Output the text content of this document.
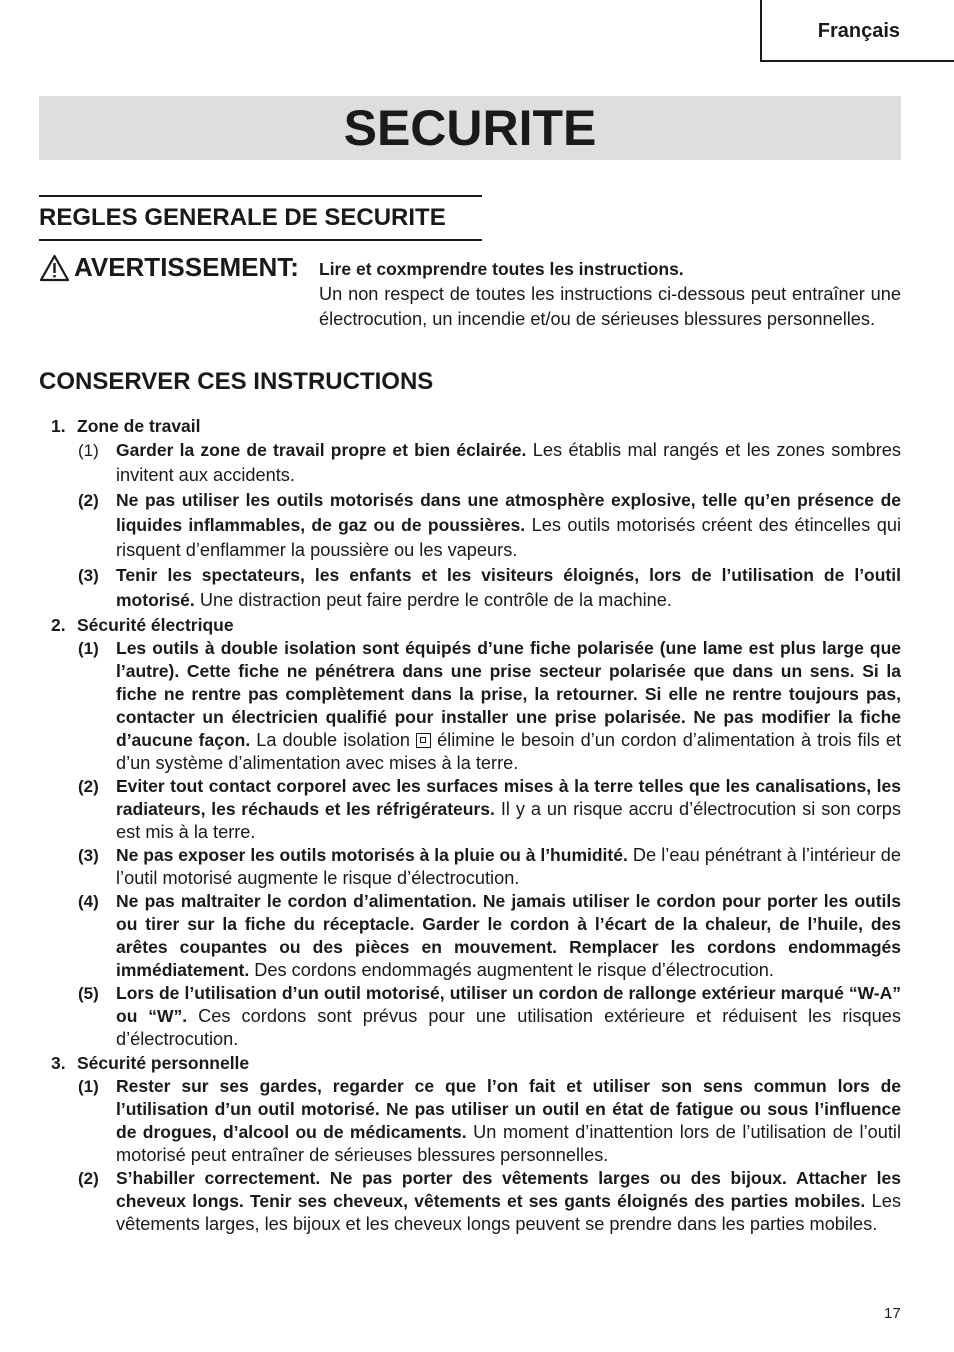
Français
SECURITE
REGLES GENERALE DE SECURITE
AVERTISSEMENT: Lire et coxmprendre toutes les instructions.
Un non respect de toutes les instructions ci-dessous peut entraîner une électrocution, un incendie et/ou de sérieuses blessures personnelles.
CONSERVER CES INSTRUCTIONS
1. Zone de travail
(1) Garder la zone de travail propre et bien éclairée. Les établis mal rangés et les zones sombres invitent aux accidents.
(2) Ne pas utiliser les outils motorisés dans une atmosphère explosive, telle qu’en présence de liquides inflammables, de gaz ou de poussières. Les outils motorisés créent des étincelles qui risquent d’enflammer la poussière ou les vapeurs.
(3) Tenir les spectateurs, les enfants et les visiteurs éloignés, lors de l’utilisation de l’outil motorisé. Une distraction peut faire perdre le contrôle de la machine.
2. Sécurité électrique
(1) Les outils à double isolation sont équipés d’une fiche polarisée (une lame est plus large que l’autre). Cette fiche ne pénétrera dans une prise secteur polarisée que dans un sens. Si la fiche ne rentre pas complètement dans la prise, la retourner. Si elle ne rentre toujours pas, contacter un électricien qualifié pour installer une prise polarisée. Ne pas modifier la fiche d’aucune façon. La double isolation  élimine le besoin d’un cordon d’alimentation à trois fils et d’un système d’alimentation avec mises à la terre.
(2) Eviter tout contact corporel avec les surfaces mises à la terre telles que les canalisations, les radiateurs, les réchauds et les réfrigérateurs. Il y a un risque accru d’électrocution si son corps est mis à la terre.
(3) Ne pas exposer les outils motorisés à la pluie ou à l’humidité. De l’eau pénétrant à l’intérieur de l’outil motorisé augmente le risque d’électrocution.
(4) Ne pas maltraiter le cordon d’alimentation. Ne jamais utiliser le cordon pour porter les outils ou tirer sur la fiche du réceptacle. Garder le cordon à l’écart de la chaleur, de l’huile, des arêtes coupantes ou des pièces en mouvement. Remplacer les cordons endommagés immédiatement. Des cordons endommagés augmentent le risque d’électrocution.
(5) Lors de l’utilisation d’un outil motorisé, utiliser un cordon de rallonge extérieur marqué “W-A” ou “W”. Ces cordons sont prévus pour une utilisation extérieure et réduisent les risques d’électrocution.
3. Sécurité personnelle
(1) Rester sur ses gardes, regarder ce que l’on fait et utiliser son sens commun lors de l’utilisation d’un outil motorisé. Ne pas utiliser un outil en état de fatigue ou sous l’influence de drogues, d’alcool ou de médicaments. Un moment d’inattention lors de l’utilisation de l’outil motorisé peut entraîner de sérieuses blessures personnelles.
(2) S’habiller correctement. Ne pas porter des vêtements larges ou des bijoux. Attacher les cheveux longs. Tenir ses cheveux, vêtements et ses gants éloignés des parties mobiles. Les vêtements larges, les bijoux et les cheveux longs peuvent se prendre dans les parties mobiles.
17
